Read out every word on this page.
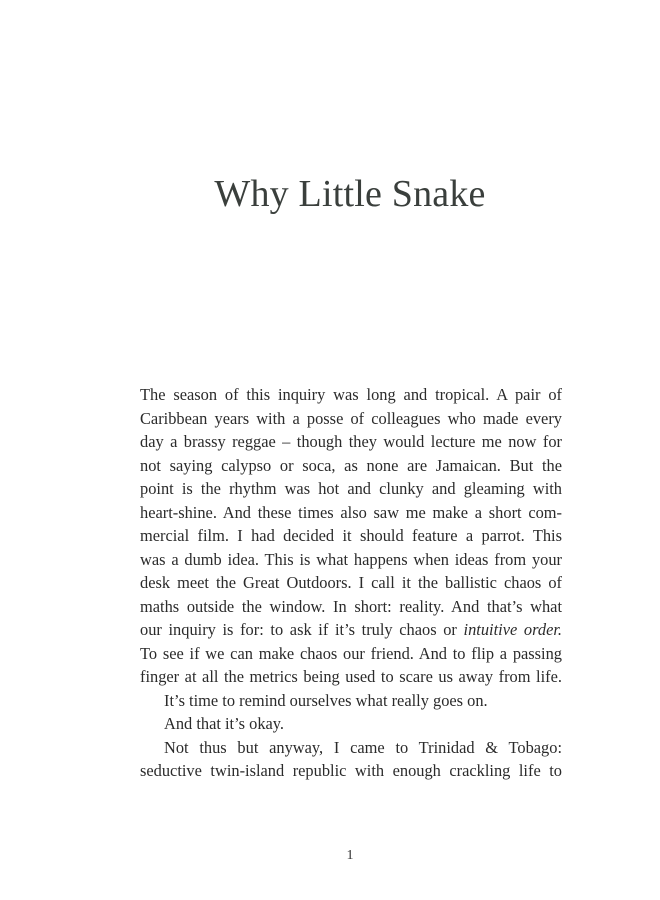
Why Little Snake
The season of this inquiry was long and tropical. A pair of
Caribbean years with a posse of colleagues who made every
day a brassy reggae – though they would lecture me now for
not saying calypso or soca, as none are Jamaican. But the
point is the rhythm was hot and clunky and gleaming with
heart-shine. And these times also saw me make a short com-
mercial film. I had decided it should feature a parrot. This
was a dumb idea. This is what happens when ideas from your
desk meet the Great Outdoors. I call it the ballistic chaos of
maths outside the window. In short: reality. And that’s what
our inquiry is for: to ask if it’s truly chaos or intuitive order.
To see if we can make chaos our friend. And to flip a passing
finger at all the metrics being used to scare us away from life.
It’s time to remind ourselves what really goes on.
And that it’s okay.
Not thus but anyway, I came to Trinidad & Tobago:
seductive twin-island republic with enough crackling life to
1
